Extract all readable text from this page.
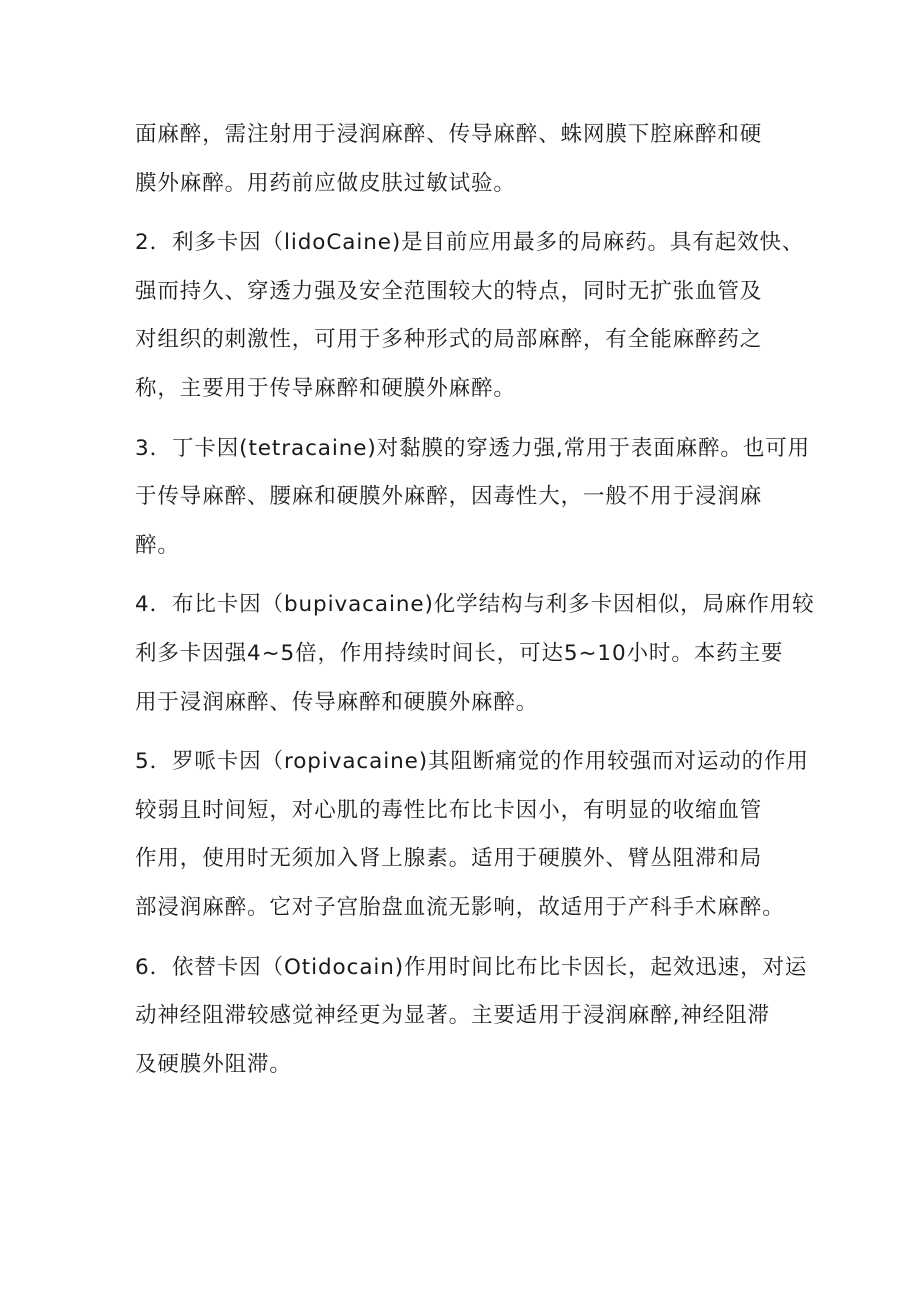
面麻醉，需注射用于浸润麻醉、传导麻醉、蛛网膜下腔麻醉和硬
膜外麻醉。用药前应做皮肤过敏试验。

2．利多卡因（lidoCaine)是目前应用最多的局麻药。具有起效快、
强而持久、穿透力强及安全范围较大的特点，同时无扩张血管及
对组织的刺激性，可用于多种形式的局部麻醉，有全能麻醉药之
称，主要用于传导麻醉和硬膜外麻醉。

3．丁卡因(tetracaine)对黏膜的穿透力强,常用于表面麻醉。也可用
于传导麻醉、腰麻和硬膜外麻醉，因毒性大，一般不用于浸润麻
醉。

4．布比卡因（bupivacaine)化学结构与利多卡因相似，局麻作用较
利多卡因强4~5倍，作用持续时间长，可达5~10小时。本药主要
用于浸润麻醉、传导麻醉和硬膜外麻醉。

5．罗哌卡因（ropivacaine)其阻断痛觉的作用较强而对运动的作用
较弱且时间短，对心肌的毒性比布比卡因小，有明显的收缩血管
作用，使用时无须加入肾上腺素。适用于硬膜外、臂丛阻滞和局
部浸润麻醉。它对子宫胎盘血流无影响，故适用于产科手术麻醉。

6．依替卡因（Otidocain)作用时间比布比卡因长，起效迅速，对运
动神经阻滞较感觉神经更为显著。主要适用于浸润麻醉,神经阻滞
及硬膜外阻滞。
